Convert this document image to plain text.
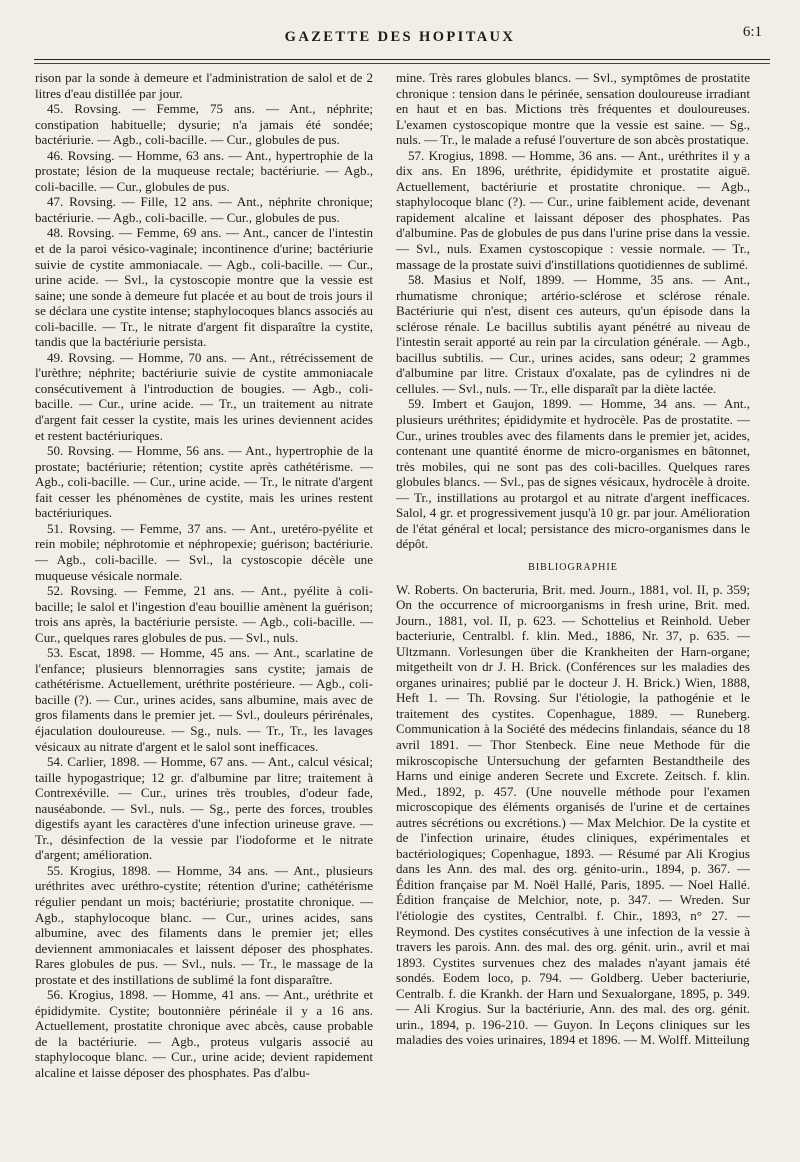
GAZETTE DES HOPITAUX	6:1

rison par la sonde à demeure et l'administration de salol et de 2 litres d'eau distillée par jour.

45. Rovsing. — Femme, 75 ans. — Ant., néphrite; constipation habituelle; dysurie; n'a jamais été sondée; bactériurie. — Agb., coli-bacille. — Cur., globules de pus.

46. Rovsing. — Homme, 63 ans. — Ant., hypertrophie de la prostate; lésion de la muqueuse rectale; bactériurie. — Agb., coli-bacille. — Cur., globules de pus.

47. Rovsing. — Fille, 12 ans. — Ant., néphrite chronique; bactériurie. — Agb., coli-bacille. — Cur., globules de pus.

48. Rovsing. — Femme, 69 ans. — Ant., cancer de l'intestin et de la paroi vésico-vaginale; incontinence d'urine; bactériurie suivie de cystite ammoniacale. — Agb., coli-bacille. — Cur., urine acide. — Svl., la cystoscopie montre que la vessie est saine; une sonde à demeure fut placée et au bout de trois jours il se déclara une cystite intense; staphylocoques blancs associés au coli-bacille. — Tr., le nitrate d'argent fit disparaître la cystite, tandis que la bactériurie persista.

49. Rovsing. — Homme, 70 ans. — Ant., rétrécissement de l'urèthre; néphrite; bactériurie suivie de cystite ammoniacale consécutivement à l'introduction de bougies. — Agb., coli-bacille. — Cur., urine acide. — Tr., un traitement au nitrate d'argent fait cesser la cystite, mais les urines deviennent acides et restent bactériuriques.

50. Rovsing. — Homme, 56 ans. — Ant., hypertrophie de la prostate; bactériurie; rétention; cystite après cathétérisme. — Agb., coli-bacille. — Cur., urine acide. — Tr., le nitrate d'argent fait cesser les phénomènes de cystite, mais les urines restent bactériuriques.

51. Rovsing. — Femme, 37 ans. — Ant., uretéro-pyélite et rein mobile; néphrotomie et néphropexie; guérison; bactériurie. — Agb., coli-bacille. — Svl., la cystoscopie décèle une muqueuse vésicale normale.

52. Rovsing. — Femme, 21 ans. — Ant., pyélite à coli-bacille; le salol et l'ingestion d'eau bouillie amènent la guérison; trois ans après, la bactériurie persiste. — Agb., coli-bacille. — Cur., quelques rares globules de pus. — Svl., nuls.

53. Escat, 1898. — Homme, 45 ans. — Ant., scarlatine de l'enfance; plusieurs blennorragies sans cystite; jamais de cathétérisme. Actuellement, uréthrite postérieure. — Agb., coli-bacille (?). — Cur., urines acides, sans albumine, mais avec de gros filaments dans le premier jet. — Svl., douleurs périrénales, éjaculation douloureuse. — Sg., nuls. — Tr., Tr., les lavages vésicaux au nitrate d'argent et le salol sont inefficaces.

54. Carlier, 1898. — Homme, 67 ans. — Ant., calcul vésical; taille hypogastrique; 12 gr. d'albumine par litre; traitement à Contrexéville. — Cur., urines très troubles, d'odeur fade, nauséabonde. — Svl., nuls. — Sg., perte des forces, troubles digestifs ayant les caractères d'une infection urineuse grave. — Tr., désinfection de la vessie par l'iodoforme et le nitrate d'argent; amélioration.

55. Krogius, 1898. — Homme, 34 ans. — Ant., plusieurs uréthrites avec uréthro-cystite; rétention d'urine; cathétérisme régulier pendant un mois; bactériurie; prostatite chronique. — Agb., staphylocoque blanc. — Cur., urines acides, sans albumine, avec des filaments dans le premier jet; elles deviennent ammoniacales et laissent déposer des phosphates. Rares globules de pus. — Svl., nuls. — Tr., le massage de la prostate et des instillations de sublimé la font disparaître.

56. Krogius, 1898. — Homme, 41 ans. — Ant., uréthrite et épididymite. Cystite; boutonnière périnéale il y a 16 ans. Actuellement, prostatite chronique avec abcès, cause probable de la bactériurie. — Agb., proteus vulgaris associé au staphylocoque blanc. — Cur., urine acide; devient rapidement alcaline et laisse déposer des phosphates. Pas d'albu-

mine. Très rares globules blancs. — Svl., symptômes de prostatite chronique : tension dans le périnée, sensation douloureuse irradiant en haut et en bas. Mictions très fréquentes et douloureuses. L'examen cystoscopique montre que la vessie est saine. — Sg., nuls. — Tr., le malade a refusé l'ouverture de son abcès prostatique.

57. Krogius, 1898. — Homme, 36 ans. — Ant., uréthrites il y a dix ans. En 1896, uréthrite, épididymite et prostatite aiguë. Actuellement, bactériurie et prostatite chronique. — Agb., staphylocoque blanc (?). — Cur., urine faiblement acide, devenant rapidement alcaline et laissant déposer des phosphates. Pas d'albumine. Pas de globules de pus dans l'urine prise dans la vessie. — Svl., nuls. Examen cystoscopique : vessie normale. — Tr., massage de la prostate suivi d'instillations quotidiennes de sublimé.

58. Masius et Nolf, 1899. — Homme, 35 ans. — Ant., rhumatisme chronique; artério-sclérose et sclérose rénale. Bactériurie qui n'est, disent ces auteurs, qu'un épisode dans la sclérose rénale. Le bacillus subtilis ayant pénétré au niveau de l'intestin serait apporté au rein par la circulation générale. — Agb., bacillus subtilis. — Cur., urines acides, sans odeur; 2 grammes d'albumine par litre. Cristaux d'oxalate, pas de cylindres ni de cellules. — Svl., nuls. — Tr., elle disparaît par la diète lactée.

59. Imbert et Gaujon, 1899. — Homme, 34 ans. — Ant., plusieurs uréthrites; épididymite et hydrocèle. Pas de prostatite. — Cur., urines troubles avec des filaments dans le premier jet, acides, contenant une quantité énorme de micro-organismes en bâtonnet, très mobiles, qui ne sont pas des coli-bacilles. Quelques rares globules blancs. — Svl., pas de signes vésicaux, hydrocèle à droite. — Tr., instillations au protargol et au nitrate d'argent inefficaces. Salol, 4 gr. et progressivement jusqu'à 10 gr. par jour. Amélioration de l'état général et local; persistance des micro-organismes dans le dépôt.

BIBLIOGRAPHIE

W. Roberts. On bacteruria, Brit. med. Journ., 1881, vol. II, p. 359; On the occurrence of microorganisms in fresh urine, Brit. med. Journ., 1881, vol. II, p. 623. — Schottelius et Reinhold. Ueber bacteriurie, Centralbl. f. klin. Med., 1886, Nr. 37, p. 635. — Ultzmann. Vorlesungen über die Krankheiten der Harn-organe; mitgetheilt von dr J. H. Brick. (Conférences sur les maladies des organes urinaires; publié par le docteur J. H. Brick.) Wien, 1888, Heft 1. — Th. Rovsing. Sur l'étiologie, la pathogénie et le traitement des cystites. Copenhague, 1889. — Runeberg. Communication à la Société des médecins finlandais, séance du 18 avril 1891. — Thor Stenbeck. Eine neue Methode für die mikroscopische Untersuchung der gefarnten Bestandtheile des Harns und einige anderen Secrete und Excrete. Zeitsch. f. klin. Med., 1892, p. 457. (Une nouvelle méthode pour l'examen microscopique des éléments organisés de l'urine et de certaines autres sécrétions ou excrétions.) — Max Melchior. De la cystite et de l'infection urinaire, études cliniques, expérimentales et bactériologiques; Copenhague, 1893. — Résumé par Ali Krogius dans les Ann. des mal. des org. génito-urin., 1894, p. 367. — Édition française par M. Noël Hallé, Paris, 1895. — Noel Hallé. Édition française de Melchior, note, p. 347. — Wreden. Sur l'étiologie des cystites, Centralbl. f. Chir., 1893, n° 27. — Reymond. Des cystites consécutives à une infection de la vessie à travers les parois. Ann. des mal. des org. génit. urin., avril et mai 1893. Cystites survenues chez des malades n'ayant jamais été sondés. Eodem loco, p. 794. — Goldberg. Ueber bacteriurie, Centralb. f. die Krankh. der Harn und Sexualorgane, 1895, p. 349. — Ali Krogius. Sur la bactériurie, Ann. des mal. des org. génit. urin., 1894, p. 196-210. — Guyon. In Leçons cliniques sur les maladies des voies urinaires, 1894 et 1896. — M. Wolff. Mitteilung
